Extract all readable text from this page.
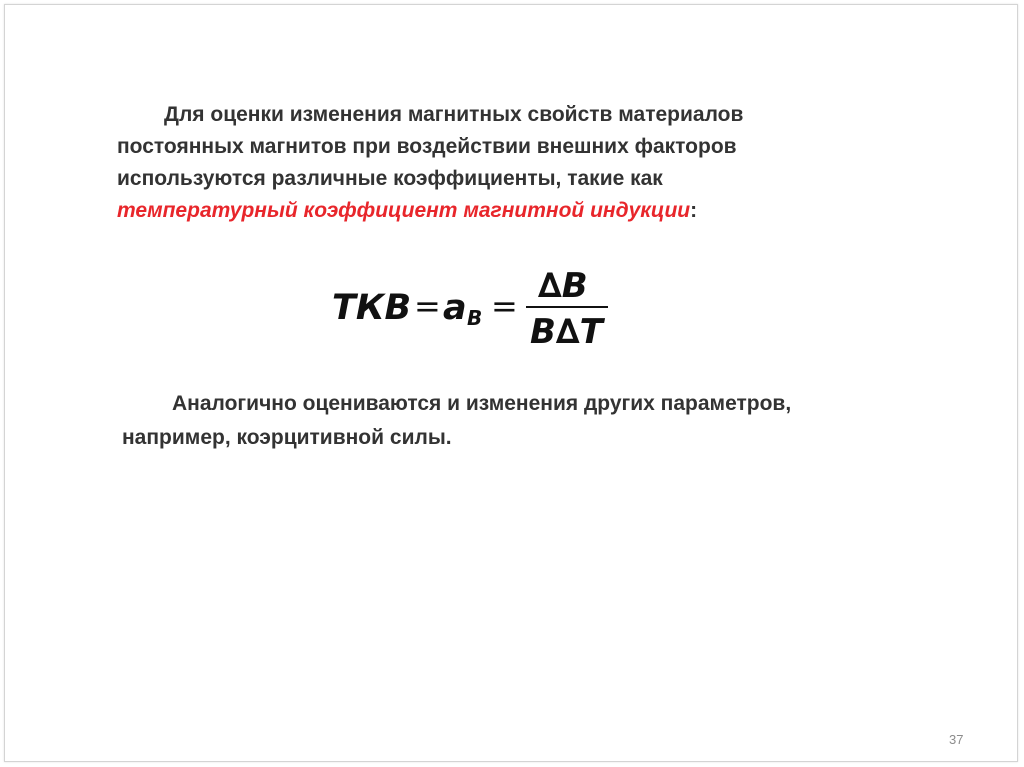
Для оценки изменения магнитных свойств материалов
постоянных магнитов при воздействии внешних факторов
используются различные коэффициенты, такие как
температурный коэффициент магнитной индукции:
ТКВ = a B = ∆B
B∆T
Аналогично оцениваются и изменения других параметров,
например, коэрцитивной силы.
37
